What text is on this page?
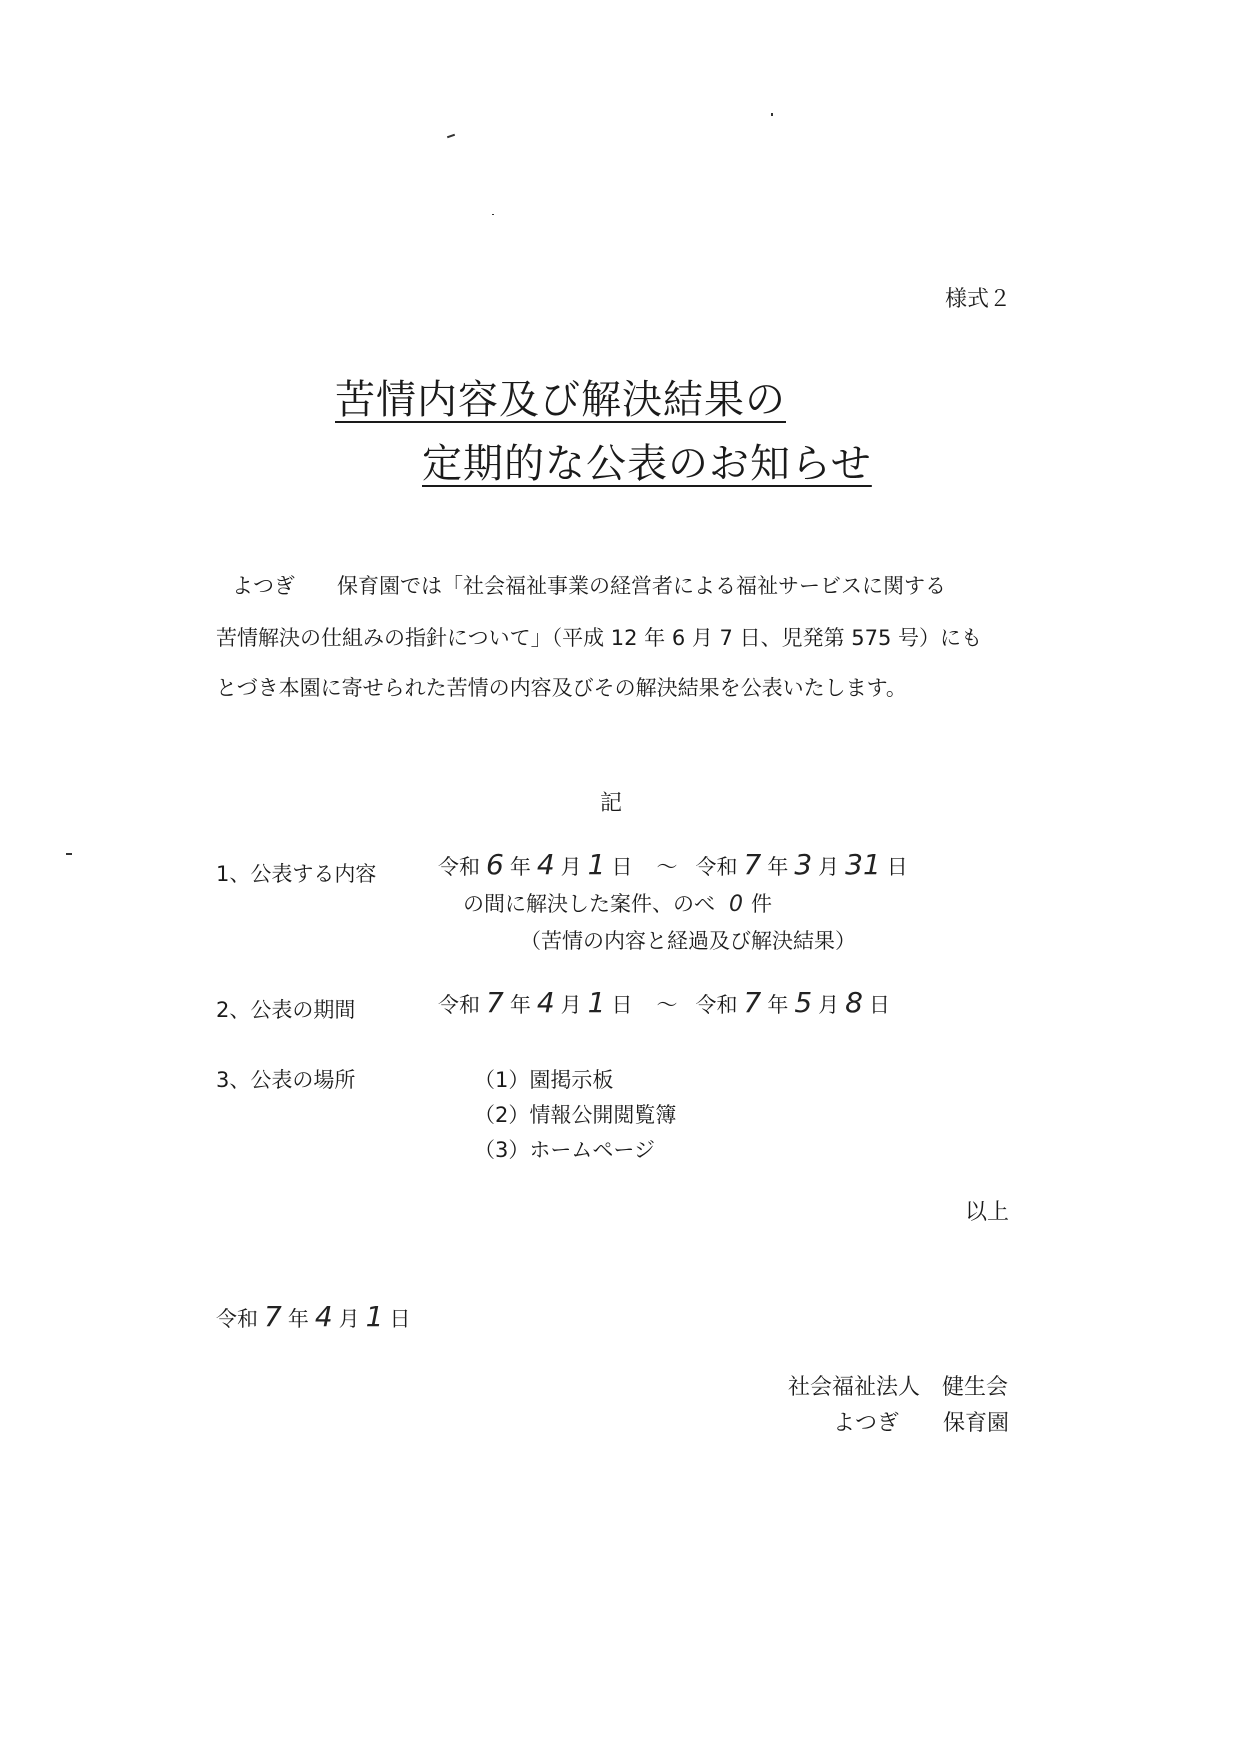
様式２
苦情内容及び解決結果の
定期的な公表のお知らせ
よつぎ　　保育園では「社会福祉事業の経営者による福祉サービスに関する
苦情解決の仕組みの指針について」（平成 12 年 6 月 7 日、児発第 575 号）にも
とづき本園に寄せられた苦情の内容及びその解決結果を公表いたします。
記
1、公表する内容	令和 6 年 4 月 1 日 ～ 令和 7 年 3 月 31 日
の間に解決した案件、のべ 0 件
（苦情の内容と経過及び解決結果）
2、公表の期間	令和 7 年 4 月 1 日 ～ 令和 7 年 5 月 8 日
3、公表の場所	（1）園掲示板
（2）情報公開閲覧簿
（3）ホームページ
以上
令和 7 年 4 月 1 日
社会福祉法人　健生会
よつぎ　　保育園
